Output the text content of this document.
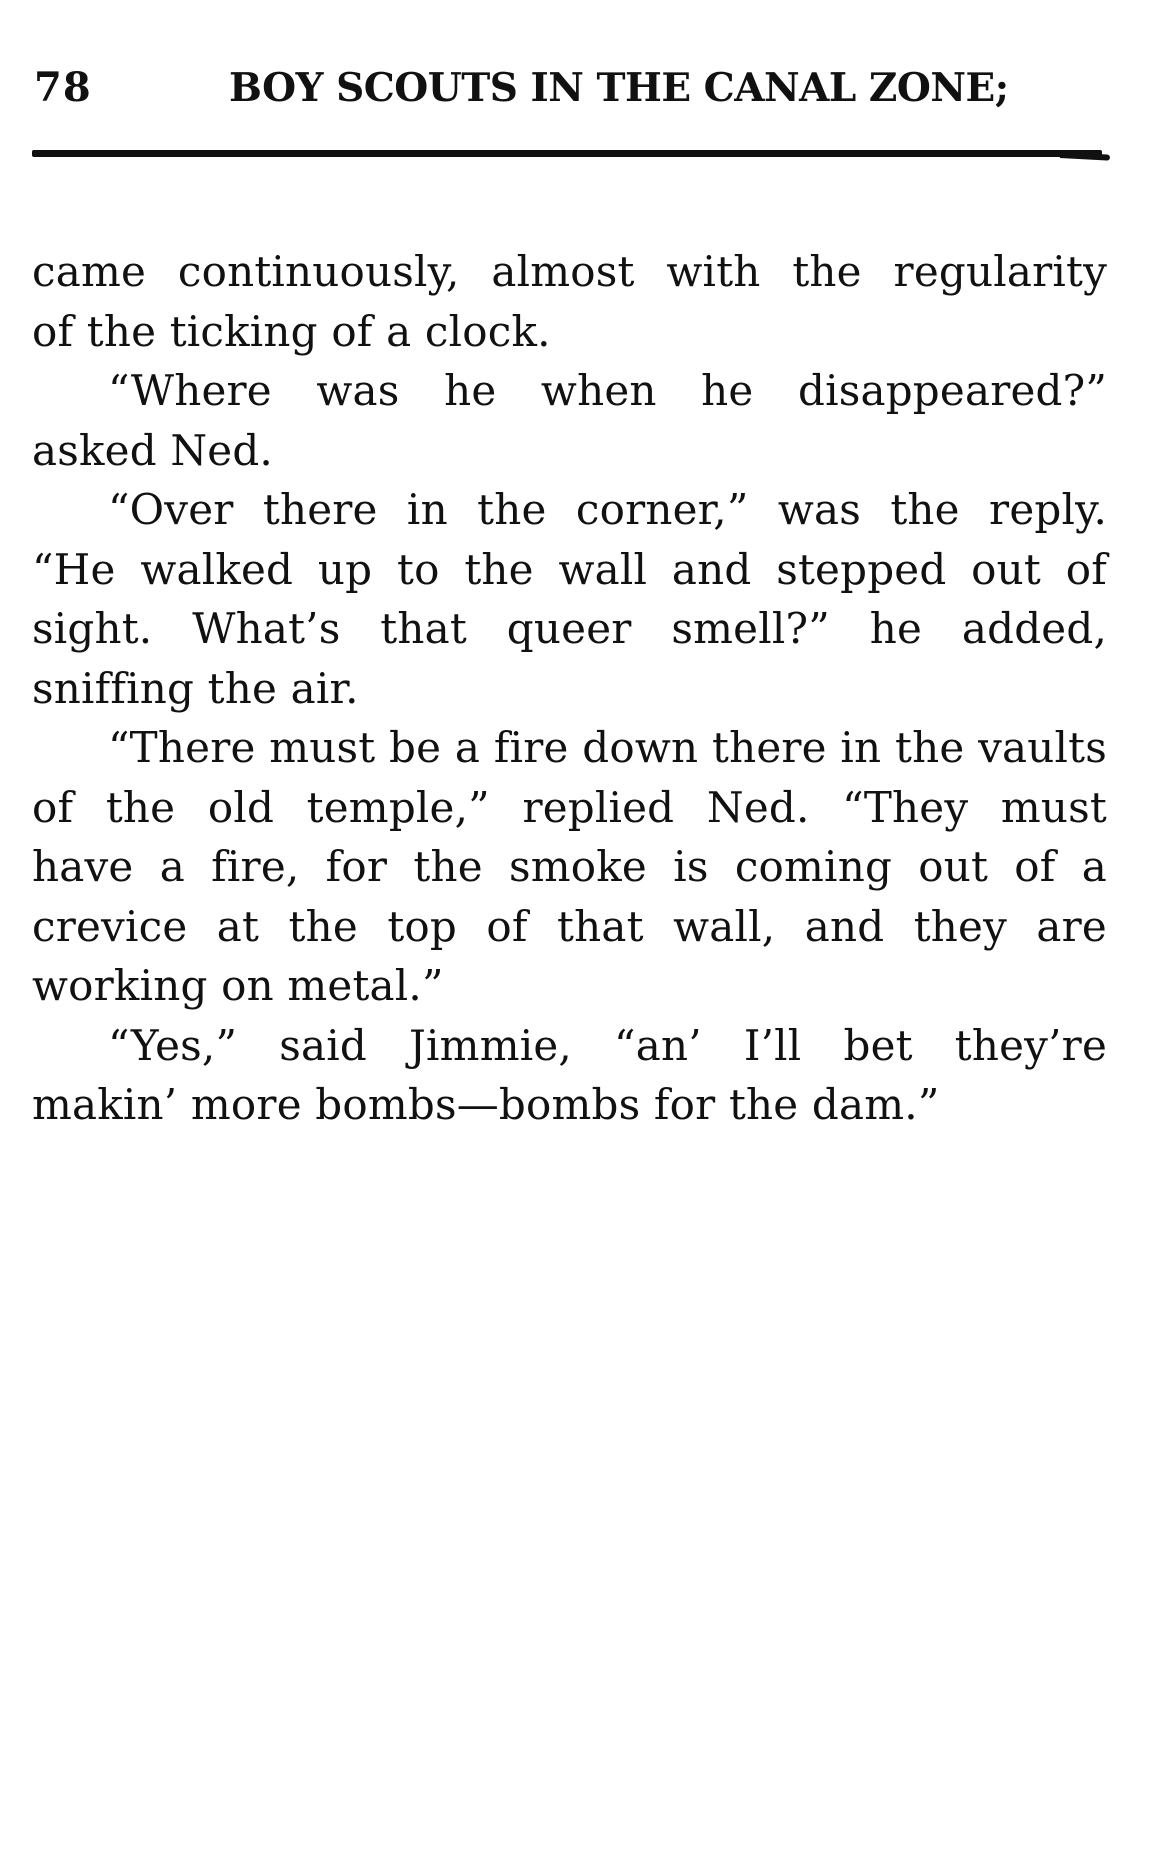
78	BOY SCOUTS IN THE CANAL ZONE;
came continuously, almost with the regularity
of the ticking of a clock.
“Where was he when he disappeared?”
asked Ned.
“Over there in the corner,” was the reply.
“He walked up to the wall and stepped out of
sight. What’s that queer smell?” he added,
sniffing the air.
“There must be a fire down there in the vaults
of the old temple,” replied Ned. “They must
have a fire, for the smoke is coming out of a
crevice at the top of that wall, and they are
working on metal.”
“Yes,” said Jimmie, “an’ I’ll bet they’re
makin’ more bombs—bombs for the dam.”
